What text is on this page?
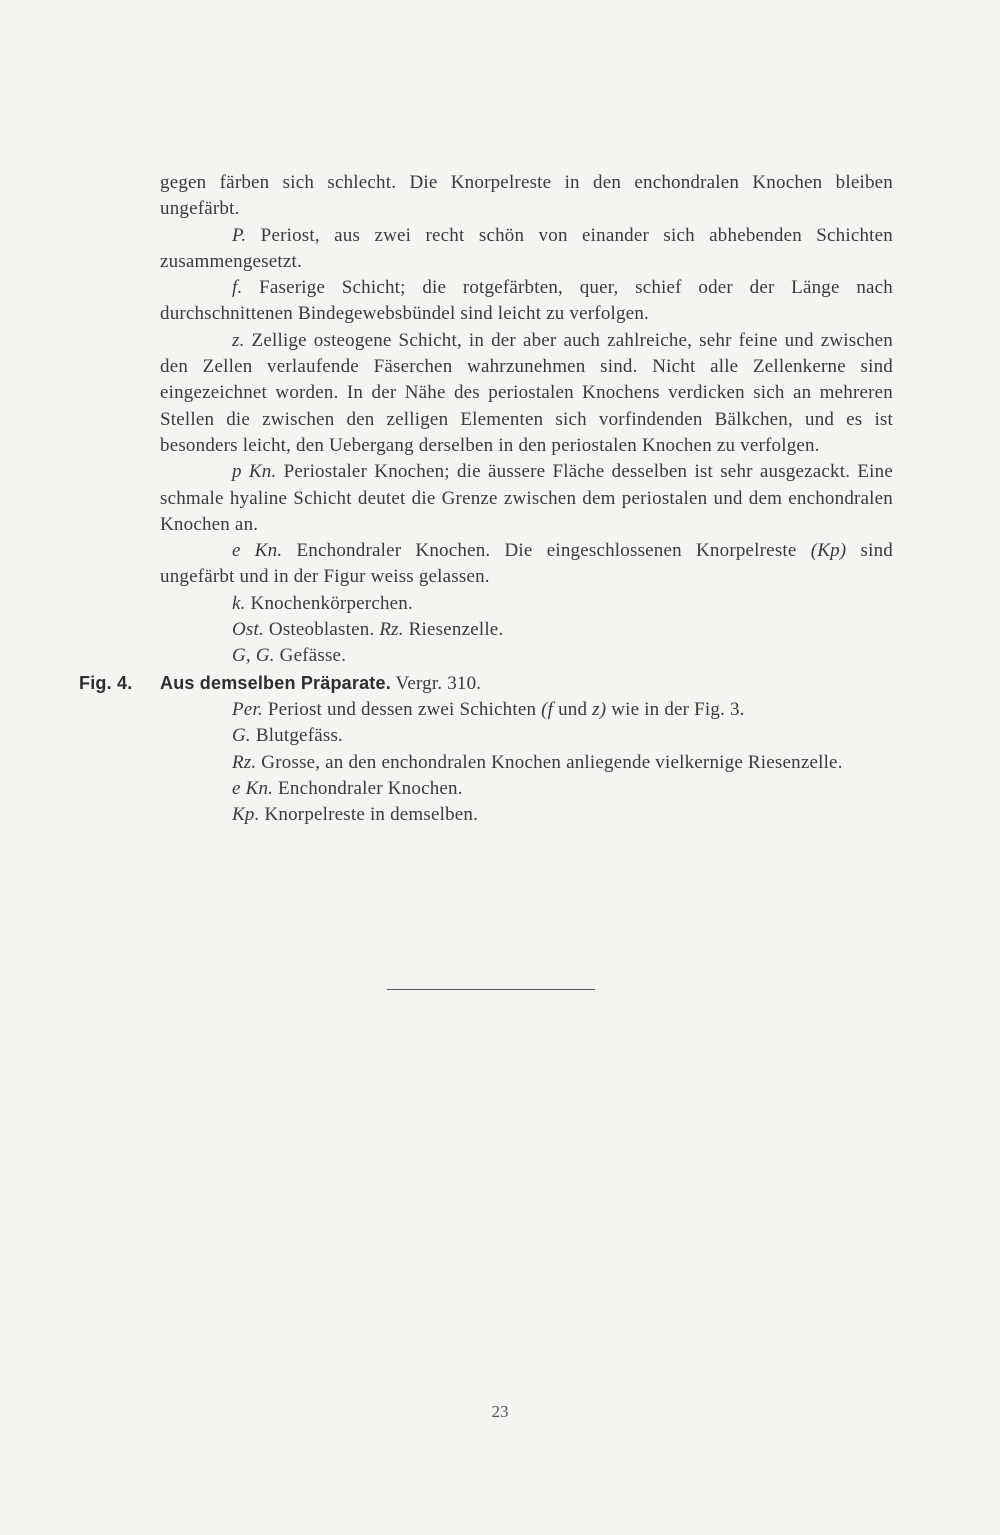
gegen färben sich schlecht. Die Knorpelreste in den enchondralen Knochen bleiben ungefärbt.

P. Periost, aus zwei recht schön von einander sich abhebenden Schichten zusammengesetzt.

f. Faserige Schicht; die rotgefärbten, quer, schief oder der Länge nach durchschnittenen Bindegewebsbündel sind leicht zu verfolgen.

z. Zellige osteogene Schicht, in der aber auch zahlreiche, sehr feine und zwischen den Zellen verlaufende Fäserchen wahrzunehmen sind. Nicht alle Zellenkerne sind eingezeichnet worden. In der Nähe des periostalen Knochens verdicken sich an mehreren Stellen die zwischen den zelligen Elementen sich vorfindenden Bälkchen, und es ist besonders leicht, den Uebergang derselben in den periostalen Knochen zu verfolgen.

p Kn. Periostaler Knochen; die äussere Fläche desselben ist sehr ausgezackt. Eine schmale hyaline Schicht deutet die Grenze zwischen dem periostalen und dem enchondralen Knochen an.

e Kn. Enchondraler Knochen. Die eingeschlossenen Knorpelreste (Kp) sind ungefärbt und in der Figur weiss gelassen.

k. Knochenkörperchen.

Ost. Osteoblasten. Rz. Riesenzelle.

G, G. Gefässe.

Fig. 4. Aus demselben Präparate. Vergr. 310.

Per. Periost und dessen zwei Schichten (f und z) wie in der Fig. 3.

G. Blutgefäss.

Rz. Grosse, an den enchondralen Knochen anliegende vielkernige Riesenzelle.

e Kn. Enchondraler Knochen.

Kp. Knorpelreste in demselben.

23
